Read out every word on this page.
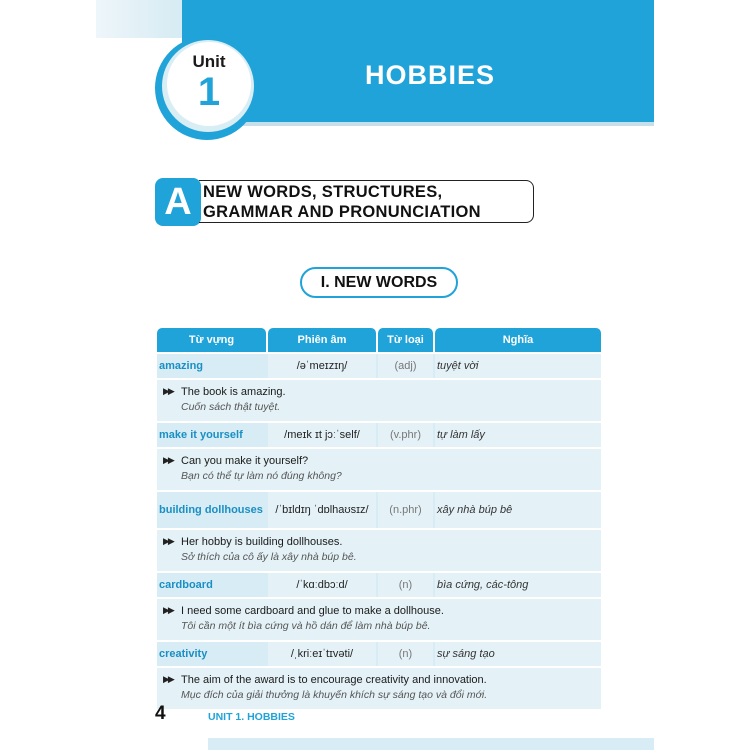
HOBBIES
Unit
1
A NEW WORDS, STRUCTURES,
GRAMMAR AND PRONUNCIATION
I. NEW WORDS
Từ vựng	Phiên âm	Từ loại	Nghĩa
amazing	/əˈmeɪzɪŋ/	(adj)	tuyệt vời
▶▶ The book is amazing.
Cuốn sách thật tuyệt.
make it yourself	/meɪk ɪt jɔːˈself/	(v.phr)	tự làm lấy
▶▶ Can you make it yourself?
Bạn có thể tự làm nó đúng không?
building dollhouses	/ˈbɪldɪŋ ˈdɒlhaʊsɪz/	(n.phr)	xây nhà búp bê
▶▶ Her hobby is building dollhouses.
Sở thích của cô ấy là xây nhà búp bê.
cardboard	/ˈkɑːdbɔːd/	(n)	bìa cứng, các-tông
▶▶ I need some cardboard and glue to make a dollhouse.
Tôi cần một ít bìa cứng và hồ dán để làm nhà búp bê.
creativity	/ˌkriːeɪˈtɪvəti/	(n)	sự sáng tạo
▶▶ The aim of the award is to encourage creativity and innovation.
Mục đích của giải thưởng là khuyến khích sự sáng tạo và đổi mới.
4	UNIT 1. HOBBIES
